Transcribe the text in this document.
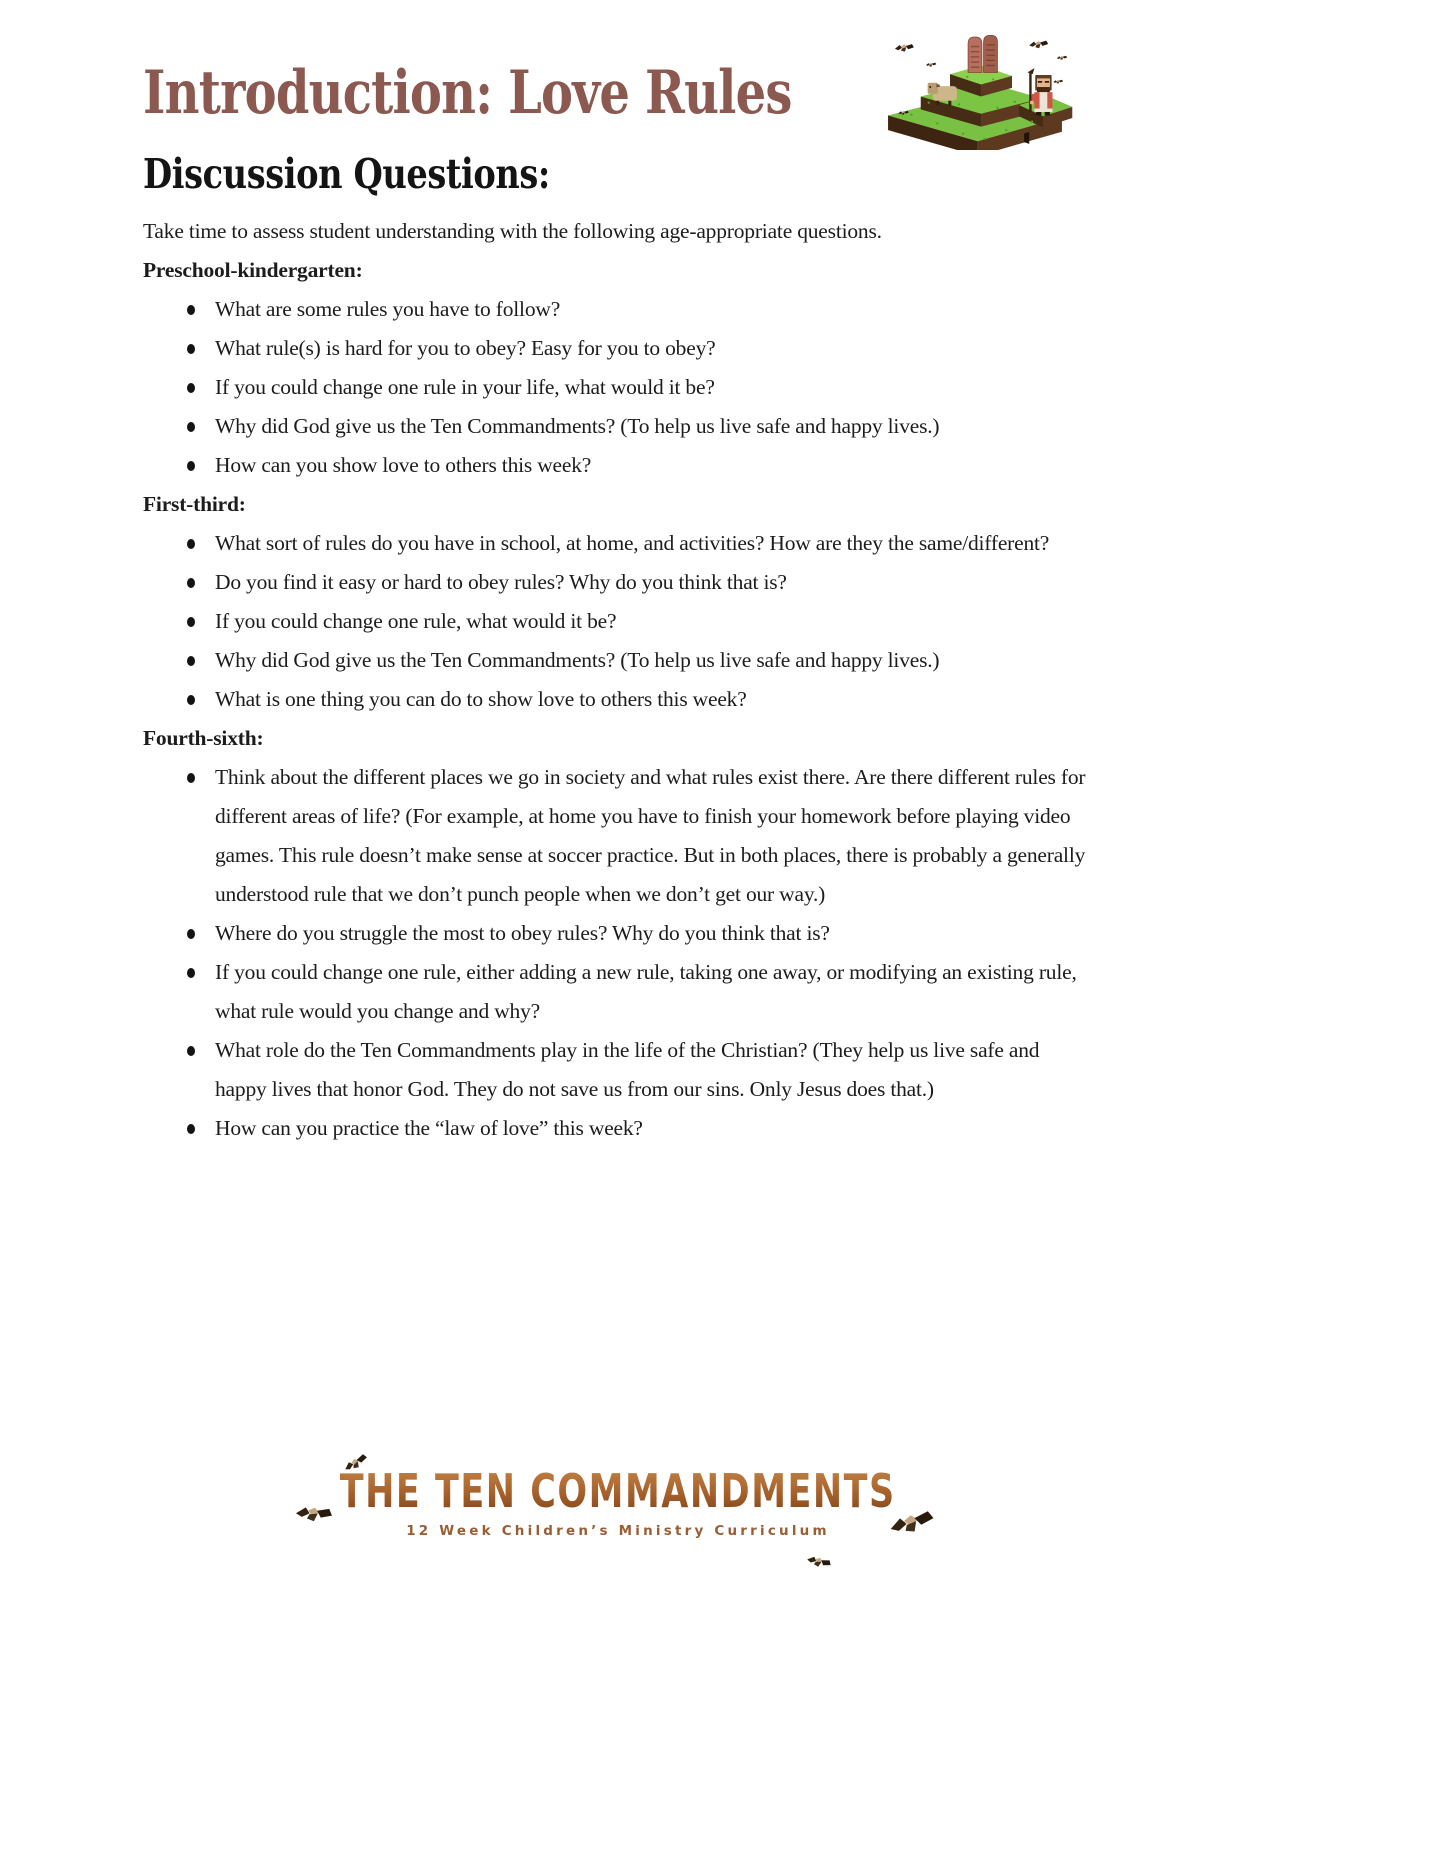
Introduction: Love Rules
Discussion Questions:

Take time to assess student understanding with the following age-appropriate questions.

Preschool-kindergarten:

What are some rules you have to follow?
What rule(s) is hard for you to obey? Easy for you to obey?
If you could change one rule in your life, what would it be?
Why did God give us the Ten Commandments? (To help us live safe and happy lives.)
How can you show love to others this week?

First-third:

What sort of rules do you have in school, at home, and activities? How are they the same/different?
Do you find it easy or hard to obey rules? Why do you think that is?
If you could change one rule, what would it be?
Why did God give us the Ten Commandments? (To help us live safe and happy lives.)
What is one thing you can do to show love to others this week?

Fourth-sixth:

Think about the different places we go in society and what rules exist there. Are there different rules for different areas of life? (For example, at home you have to finish your homework before playing video games. This rule doesn’t make sense at soccer practice. But in both places, there is probably a generally understood rule that we don’t punch people when we don’t get our way.)
Where do you struggle the most to obey rules? Why do you think that is?
If you could change one rule, either adding a new rule, taking one away, or modifying an existing rule, what rule would you change and why?
What role do the Ten Commandments play in the life of the Christian? (They help us live safe and happy lives that honor God. They do not save us from our sins. Only Jesus does that.)
How can you practice the “law of love” this week?
THE TEN COMMANDMENTS
12 Week Children’s Ministry Curriculum
